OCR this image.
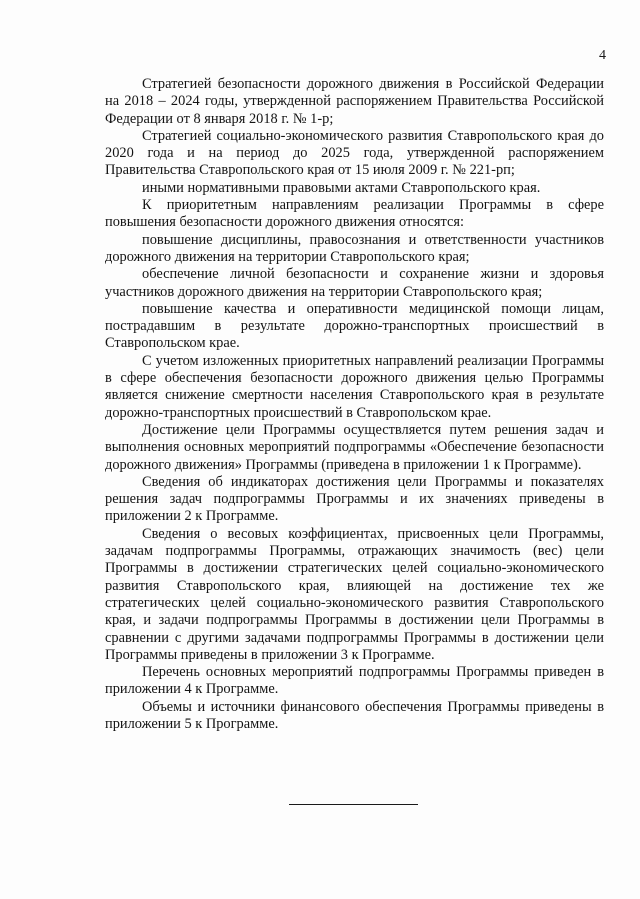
4

Стратегией безопасности дорожного движения в Российской Федерации на 2018 – 2024 годы, утвержденной распоряжением Правительства Российской Федерации от 8 января 2018 г. № 1-р;

Стратегией социально-экономического развития Ставропольского края до 2020 года и на период до 2025 года, утвержденной распоряжением Правительства Ставропольского края от 15 июля 2009 г. № 221-рп;

иными нормативными правовыми актами Ставропольского края.

К приоритетным направлениям реализации Программы в сфере повышения безопасности дорожного движения относятся:

повышение дисциплины, правосознания и ответственности участников дорожного движения на территории Ставропольского края;

обеспечение личной безопасности и сохранение жизни и здоровья участников дорожного движения на территории Ставропольского края;

повышение качества и оперативности медицинской помощи лицам, пострадавшим в результате дорожно-транспортных происшествий в Ставропольском крае.

С учетом изложенных приоритетных направлений реализации Программы в сфере обеспечения безопасности дорожного движения целью Программы является снижение смертности населения Ставропольского края в результате дорожно-транспортных происшествий в Ставропольском крае.

Достижение цели Программы осуществляется путем решения задач и выполнения основных мероприятий подпрограммы «Обеспечение безопасности дорожного движения» Программы (приведена в приложении 1 к Программе).

Сведения об индикаторах достижения цели Программы и показателях решения задач подпрограммы Программы и их значениях приведены в приложении 2 к Программе.

Сведения о весовых коэффициентах, присвоенных цели Программы, задачам подпрограммы Программы, отражающих значимость (вес) цели Программы в достижении стратегических целей социально-экономического развития Ставропольского края, влияющей на достижение тех же стратегических целей социально-экономического развития Ставропольского края, и задачи подпрограммы Программы в достижении цели Программы в сравнении с другими задачами подпрограммы Программы в достижении цели Программы приведены в приложении 3 к Программе.

Перечень основных мероприятий подпрограммы Программы приведен в приложении 4 к Программе.

Объемы и источники финансового обеспечения Программы приведены в приложении 5 к Программе.
